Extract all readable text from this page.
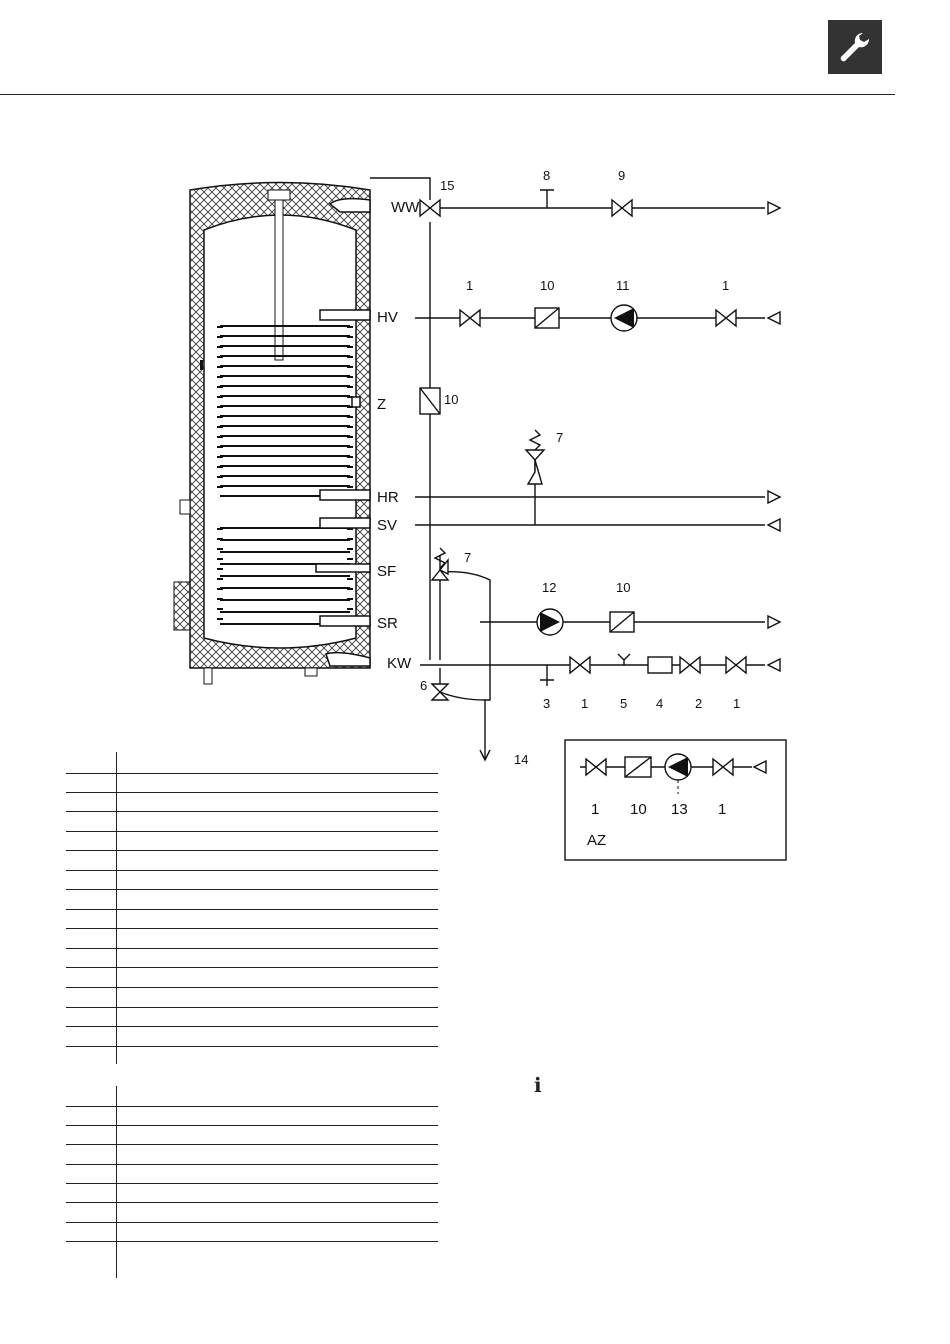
WW
HV
Z
HR
SV
SF
SR
KW
15
8	9
1	10	11	1
10
7
7
12	10
6
3 1 5 4 2 1
14
1 10 13 1
AZ
ℹ
